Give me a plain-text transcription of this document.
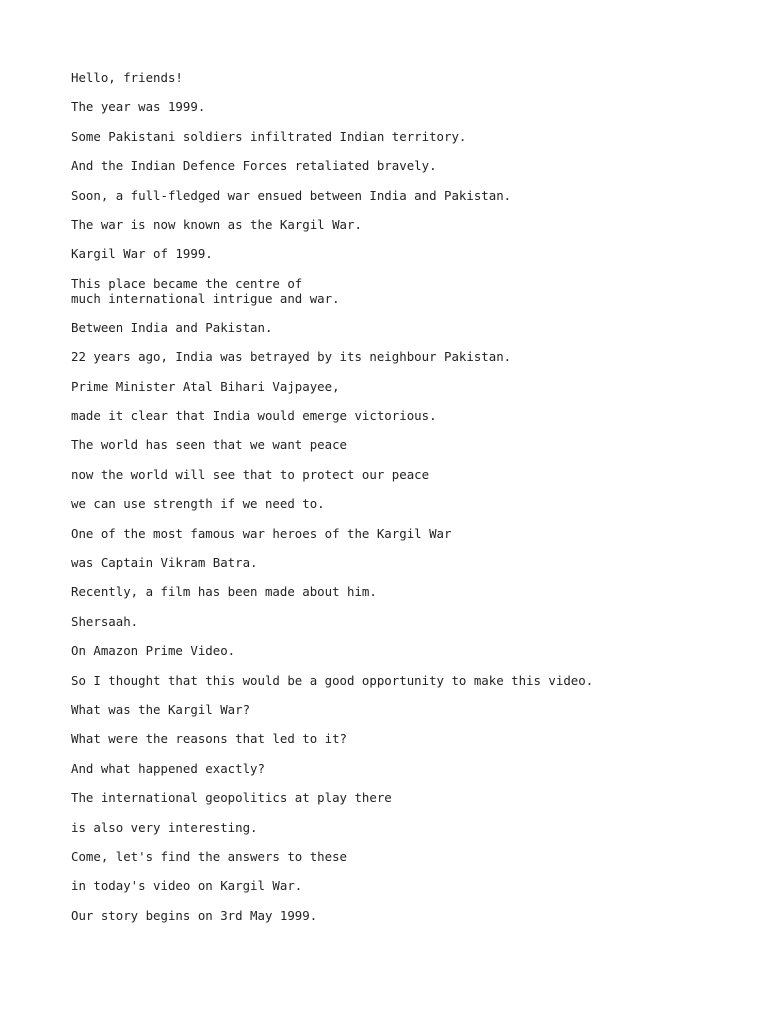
Hello, friends!

The year was 1999.

Some Pakistani soldiers infiltrated Indian territory.

And the Indian Defence Forces retaliated bravely.

Soon, a full-fledged war ensued between India and Pakistan.

The war is now known as the Kargil War.

Kargil War of 1999.

This place became the centre of
much international intrigue and war.

Between India and Pakistan.

22 years ago, India was betrayed by its neighbour Pakistan.

Prime Minister Atal Bihari Vajpayee,

made it clear that India would emerge victorious.

The world has seen that we want peace

now the world will see that to protect our peace

we can use strength if we need to.

One of the most famous war heroes of the Kargil War

was Captain Vikram Batra.

Recently, a film has been made about him.

Shersaah.

On Amazon Prime Video.

So I thought that this would be a good opportunity to make this video.

What was the Kargil War?

What were the reasons that led to it?

And what happened exactly?

The international geopolitics at play there

is also very interesting.

Come, let's find the answers to these

in today's video on Kargil War.

Our story begins on 3rd May 1999.
